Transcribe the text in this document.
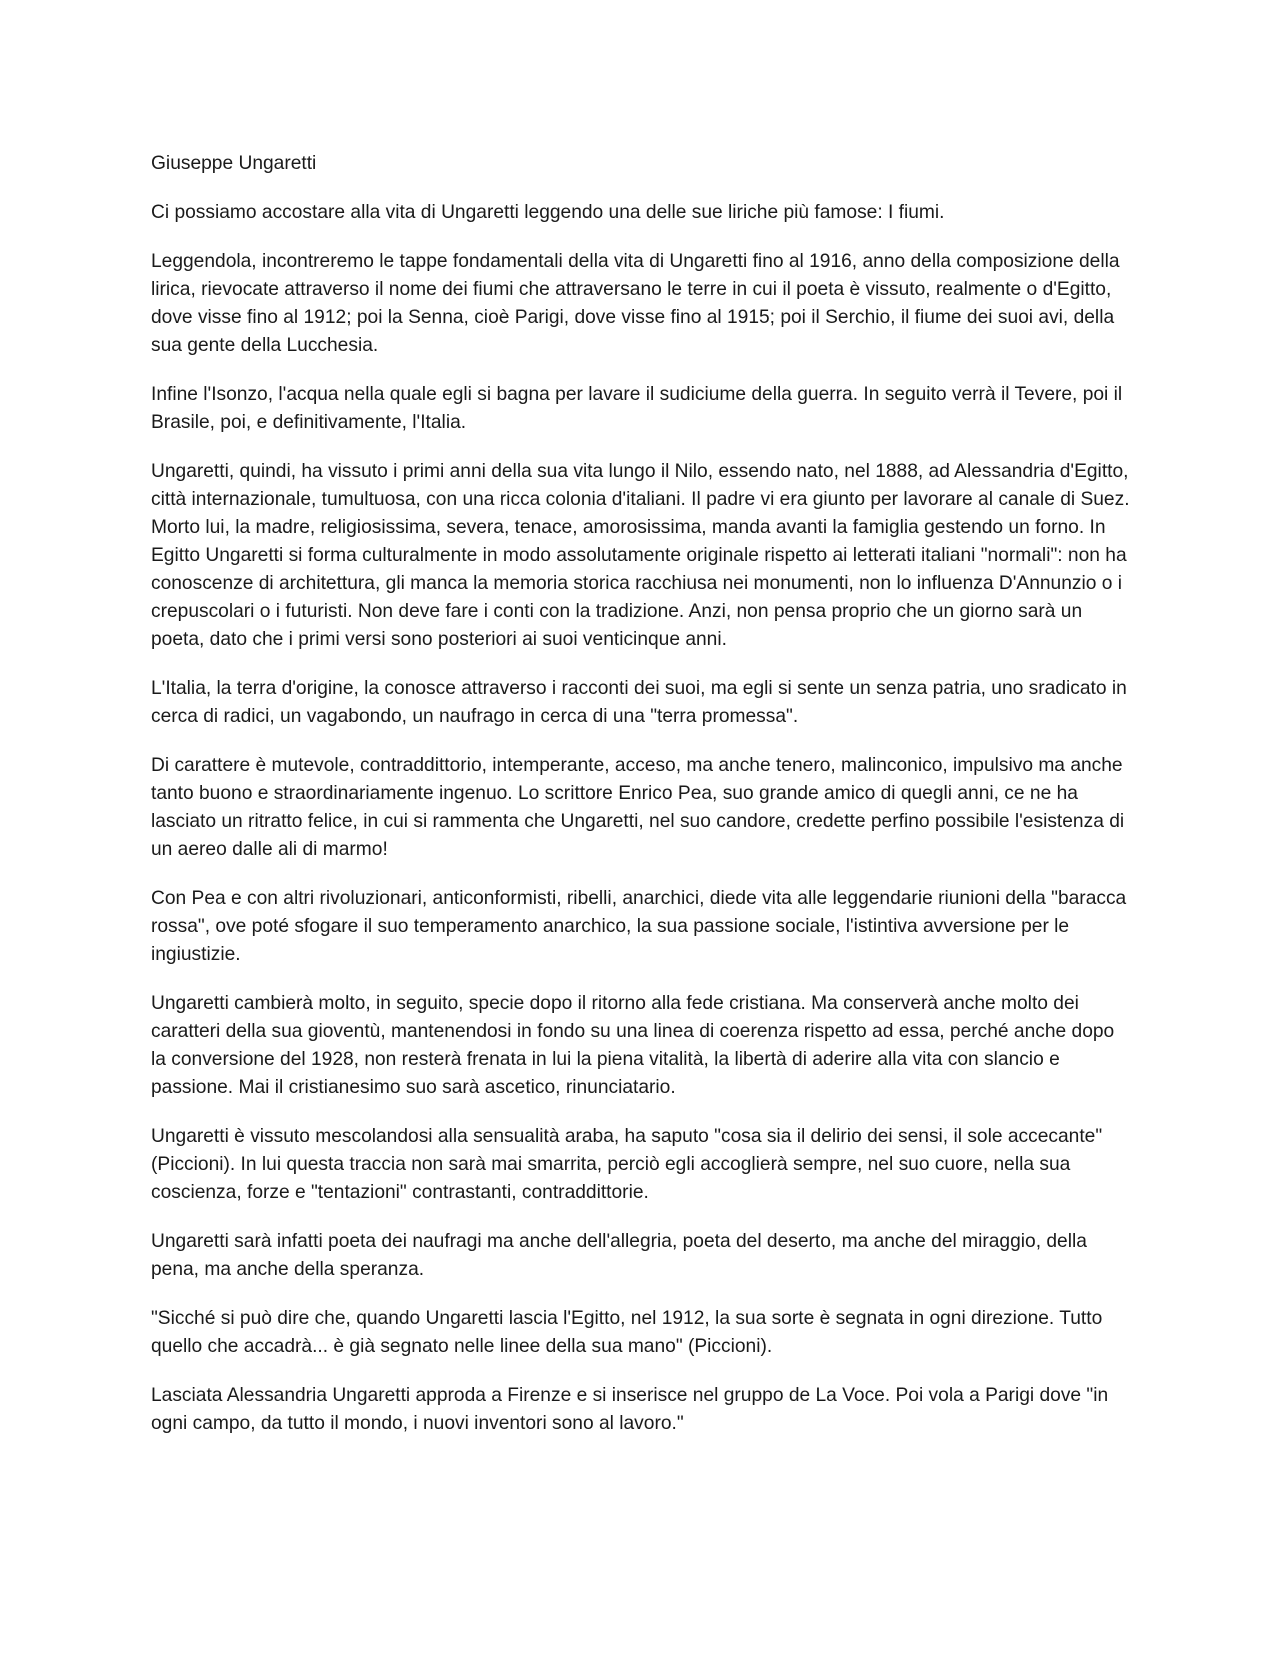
Giuseppe Ungaretti

Ci possiamo accostare alla vita di Ungaretti leggendo una delle sue liriche più famose: I fiumi.

Leggendola, incontreremo le tappe fondamentali della vita di Ungaretti fino al 1916, anno della composizione della lirica, rievocate attraverso il nome dei fiumi che attraversano le terre in cui il poeta è vissuto, realmente o d'Egitto, dove visse fino al 1912; poi la Senna, cioè Parigi, dove visse fino al 1915; poi il Serchio, il fiume dei suoi avi, della sua gente della Lucchesia.

Infine l'Isonzo, l'acqua nella quale egli si bagna per lavare il sudiciume della guerra. In seguito verrà il Tevere, poi il Brasile, poi, e definitivamente, l'Italia.

Ungaretti, quindi, ha vissuto i primi anni della sua vita lungo il Nilo, essendo nato, nel 1888, ad Alessandria d'Egitto, città internazionale, tumultuosa, con una ricca colonia d'italiani. Il padre vi era giunto per lavorare al canale di Suez. Morto lui, la madre, religiosissima, severa, tenace, amorosissima, manda avanti la famiglia gestendo un forno. In Egitto Ungaretti si forma culturalmente in modo assolutamente originale rispetto ai letterati italiani "normali": non ha conoscenze di architettura, gli manca la memoria storica racchiusa nei monumenti, non lo influenza D'Annunzio o i crepuscolari o i futuristi. Non deve fare i conti con la tradizione. Anzi, non pensa proprio che un giorno sarà un poeta, dato che i primi versi sono posteriori ai suoi venticinque anni.

L'Italia, la terra d'origine, la conosce attraverso i racconti dei suoi, ma egli si sente un senza patria, uno sradicato in cerca di radici, un vagabondo, un naufrago in cerca di una "terra promessa".

Di carattere è mutevole, contraddittorio, intemperante, acceso, ma anche tenero, malinconico, impulsivo ma anche tanto buono e straordinariamente ingenuo. Lo scrittore Enrico Pea, suo grande amico di quegli anni, ce ne ha lasciato un ritratto felice, in cui si rammenta che Ungaretti, nel suo candore, credette perfino possibile l'esistenza di un aereo dalle ali di marmo!

Con Pea e con altri rivoluzionari, anticonformisti, ribelli, anarchici, diede vita alle leggendarie riunioni della "baracca rossa", ove poté sfogare il suo temperamento anarchico, la sua passione sociale, l'istintiva avversione per le ingiustizie.

Ungaretti cambierà molto, in seguito, specie dopo il ritorno alla fede cristiana. Ma conserverà anche molto dei caratteri della sua gioventù, mantenendosi in fondo su una linea di coerenza rispetto ad essa, perché anche dopo la conversione del 1928, non resterà frenata in lui la piena vitalità, la libertà di aderire alla vita con slancio e passione. Mai il cristianesimo suo sarà ascetico, rinunciatario.

Ungaretti è vissuto mescolandosi alla sensualità araba, ha saputo "cosa sia il delirio dei sensi, il sole accecante" (Piccioni). In lui questa traccia non sarà mai smarrita, perciò egli accoglierà sempre, nel suo cuore, nella sua coscienza, forze e "tentazioni" contrastanti, contraddittorie.

Ungaretti sarà infatti poeta dei naufragi ma anche dell'allegria, poeta del deserto, ma anche del miraggio, della pena, ma anche della speranza.

"Sicché si può dire che, quando Ungaretti lascia l'Egitto, nel 1912, la sua sorte è segnata in ogni direzione. Tutto quello che accadrà... è già segnato nelle linee della sua mano" (Piccioni).

Lasciata Alessandria Ungaretti approda a Firenze e si inserisce nel gruppo de La Voce. Poi vola a Parigi dove "in ogni campo, da tutto il mondo, i nuovi inventori sono al lavoro."
